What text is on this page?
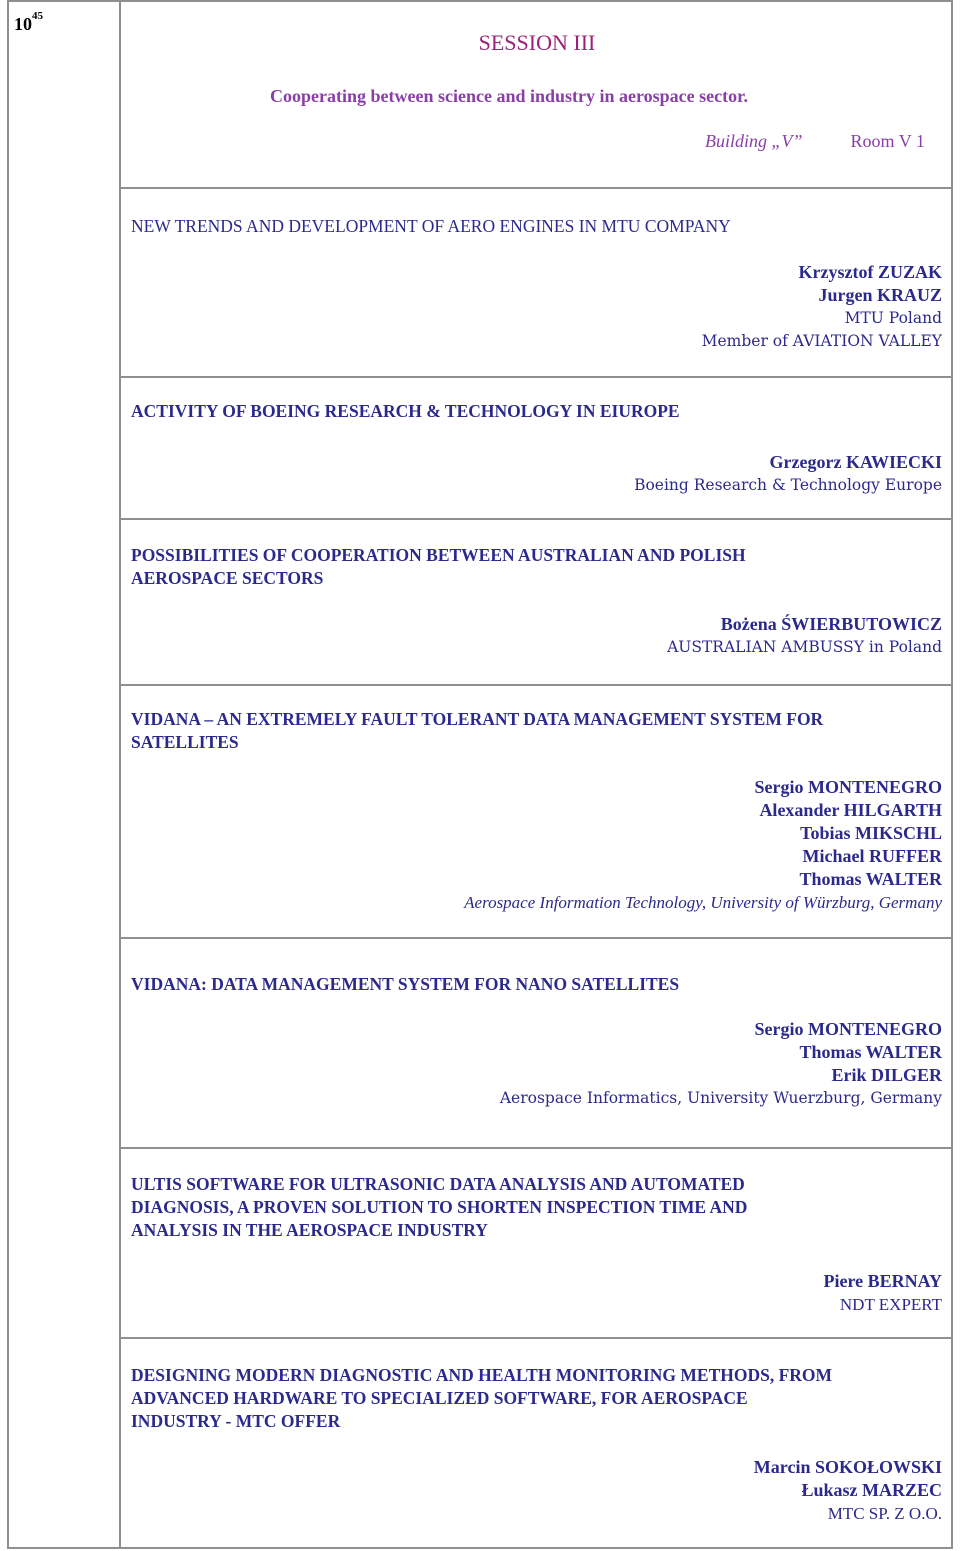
$10^{45}$
SESSION III
Cooperating between science and industry in aerospace sector.
Building „V”	Room V 1
NEW TRENDS AND DEVELOPMENT OF AERO ENGINES IN MTU COMPANY
Krzysztof ZUZAK
Jurgen KRAUZ
MTU Poland
Member of AVIATION VALLEY
ACTIVITY OF BOEING RESEARCH & TECHNOLOGY IN EIUROPE
Grzegorz KAWIECKI
Boeing Research & Technology Europe
POSSIBILITIES OF COOPERATION BETWEEN AUSTRALIAN AND POLISH
AEROSPACE SECTORS
Bożena ŚWIERBUTOWICZ
AUSTRALIAN AMBUSSY in Poland
VIDANA – AN EXTREMELY FAULT TOLERANT DATA MANAGEMENT SYSTEM FOR
SATELLITES
Sergio MONTENEGRO
Alexander HILGARTH
Tobias MIKSCHL
Michael RUFFER
Thomas WALTER
Aerospace Information Technology, University of Würzburg, Germany
VIDANA: DATA MANAGEMENT SYSTEM FOR NANO SATELLITES
Sergio MONTENEGRO
Thomas WALTER
Erik DILGER
Aerospace Informatics, University Wuerzburg, Germany
ULTIS SOFTWARE FOR ULTRASONIC DATA ANALYSIS AND AUTOMATED
DIAGNOSIS, A PROVEN SOLUTION TO SHORTEN INSPECTION TIME AND
ANALYSIS IN THE AEROSPACE INDUSTRY
Piere BERNAY
NDT EXPERT
DESIGNING MODERN DIAGNOSTIC AND HEALTH MONITORING METHODS, FROM
ADVANCED HARDWARE TO SPECIALIZED SOFTWARE, FOR AEROSPACE
INDUSTRY - MTC OFFER
Marcin SOKOŁOWSKI
Łukasz MARZEC
MTC SP. Z O.O.
